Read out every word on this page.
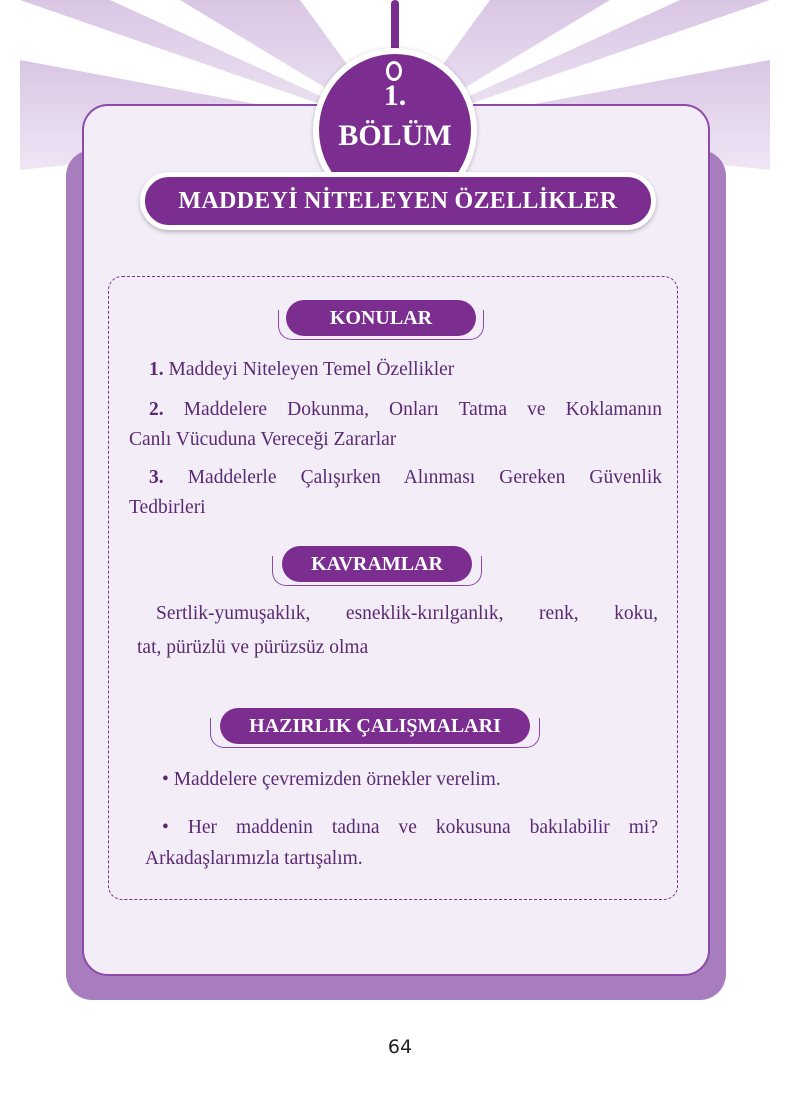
1.
BÖLÜM
MADDEYİ NİTELEYEN ÖZELLİKLER
KONULAR
1. Maddeyi Niteleyen Temel Özellikler
2. Maddelere Dokunma, Onları Tatma ve Koklamanın
Canlı Vücuduna Vereceği Zararlar
3. Maddelerle Çalışırken Alınması Gereken Güvenlik
Tedbirleri
KAVRAMLAR
Sertlik-yumuşaklık, esneklik-kırılganlık, renk, koku,
tat, pürüzlü ve pürüzsüz olma
HAZIRLIK ÇALIŞMALARI
• Maddelere çevremizden örnekler verelim.
• Her maddenin tadına ve kokusuna bakılabilir mi?
Arkadaşlarımızla tartışalım.
64
